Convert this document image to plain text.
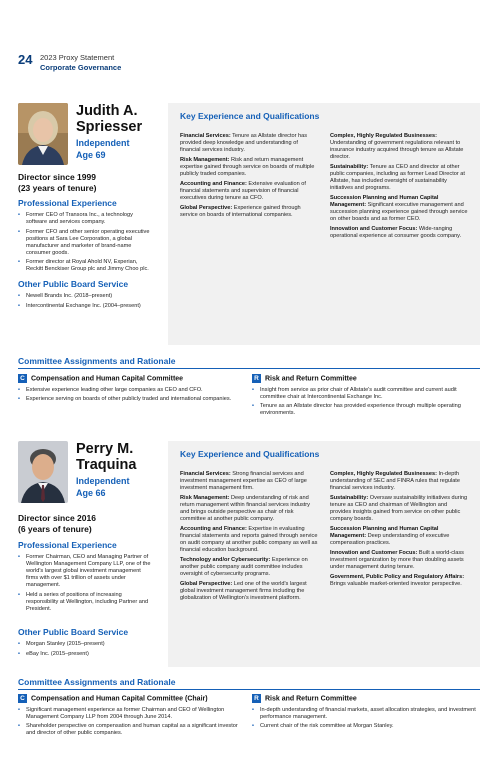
24 2023 Proxy Statement
Corporate Governance
Judith A.
Spriesser
Independent
Age 69
Director since 1999
(23 years of tenure)
Professional Experience
• Former CEO of Transora Inc., a technology software and services company.
• Former CFO and other senior operating executive positions at Sara Lee Corporation, a global manufacturer and marketer of brand-name consumer goods.
• Former director at Royal Ahold NV, Experian, Reckitt Benckiser Group plc and Jimmy Choo plc.
Other Public Board Service
• Newell Brands Inc. (2018–present)
• Intercontinental Exchange Inc. (2004–present)
Key Experience and Qualifications

Financial Services: Tenure as Allstate director has provided deep knowledge and understanding of financial services industry.

Risk Management: Risk and return management expertise gained through service on boards of multiple publicly traded companies.

Accounting and Finance: Extensive evaluation of financial statements and supervision of financial executives during tenure as CFO.

Global Perspective: Experience gained through service on boards of international companies.

Complex, Highly Regulated Businesses: Understanding of government regulations relevant to insurance industry acquired through tenure as Allstate director.

Sustainability: Tenure as CEO and director at other public companies, including as former Lead Director at Allstate, has included oversight of sustainability initiatives and programs.

Succession Planning and Human Capital Management: Significant executive management and succession planning experience gained through service on other boards and as former CEO.

Innovation and Customer Focus: Wide-ranging operational experience at consumer goods company.

Committee Assignments and Rationale
C Compensation and Human Capital Committee
• Extensive experience leading other large companies as CEO and CFO.
• Experience serving on boards of other publicly traded and international companies.
R Risk and Return Committee
• Insight from service as prior chair of Allstate's audit committee and current audit committee chair at Intercontinental Exchange Inc.
• Tenure as an Allstate director has provided experience through multiple operating environments.
Perry M.
Traquina
Independent
Age 66
Director since 2016
(6 years of tenure)
Professional Experience
• Former Chairman, CEO and Managing Partner of Wellington Management Company LLP, one of the world's largest global investment management firms with over $1 trillion of assets under management.
• Held a series of positions of increasing responsibility at Wellington, including Partner and President.
Other Public Board Service
• Morgan Stanley (2015–present)
• eBay Inc. (2015–present)
Key Experience and Qualifications

Financial Services: Strong financial services and investment management expertise as CEO of large investment management firm.

Risk Management: Deep understanding of risk and return management within financial services industry and brings outside perspective as chair of risk committee at another public company.

Accounting and Finance: Expertise in evaluating financial statements and reports gained through service on audit company at another public company as well as financial education background.

Technology and/or Cybersecurity: Experience on another public company audit committee includes oversight of cybersecurity programs.

Global Perspective: Led one of the world's largest global investment management firms including the globalization of Wellington's investment platform.

Complex, Highly Regulated Businesses: In-depth understanding of SEC and FINRA rules that regulate financial services industry.

Sustainability: Oversaw sustainability initiatives during tenure as CEO and chairman of Wellington and provides insights gained from service on other public company boards.

Succession Planning and Human Capital Management: Deep understanding of executive compensation practices.

Innovation and Customer Focus: Built a world-class investment organization by more than doubling assets under management during tenure.

Government, Public Policy and Regulatory Affairs: Brings valuable market-oriented investor perspective.

Committee Assignments and Rationale
C Compensation and Human Capital Committee (Chair)
• Significant management experience as former Chairman and CEO of Wellington Management Company LLP from 2004 through June 2014.
• Shareholder perspective on compensation and human capital as a significant investor and director of other public companies.
R Risk and Return Committee
• In-depth understanding of financial markets, asset allocation strategies, and investment performance management.
• Current chair of the risk committee at Morgan Stanley.
